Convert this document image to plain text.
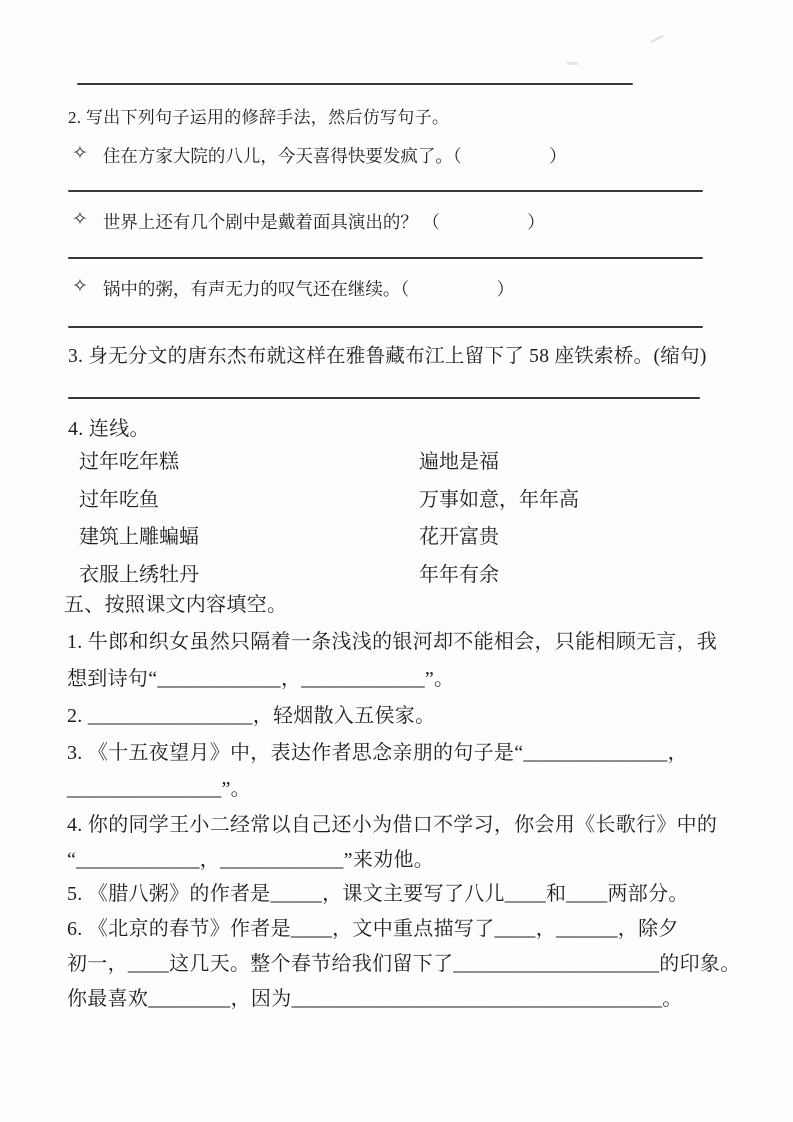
2. 写出下列句子运用的修辞手法，然后仿写句子。
✧ 住在方家大院的八儿，今天喜得快要发疯了。（　　　　　）
✧ 世界上还有几个剧中是戴着面具演出的？ （　　　　　）
✧ 锅中的粥，有声无力的叹气还在继续。（　　　　　）
3. 身无分文的唐东杰布就这样在雅鲁藏布江上留下了 58 座铁索桥。(缩句)
4. 连线。
过年吃年糕	遍地是福
过年吃鱼	万事如意，年年高
建筑上雕蝙蝠	花开富贵
衣服上绣牡丹	年年有余
五、按照课文内容填空。
1. 牛郎和织女虽然只隔着一条浅浅的银河却不能相会，只能相顾无言，我
想到诗句“____________，____________”。
2. ________________，轻烟散入五侯家。
3. 《十五夜望月》中，表达作者思念亲朋的句子是“______________，
_______________”。
4. 你的同学王小二经常以自己还小为借口不学习，你会用《长歌行》中的
“____________，____________”来劝他。
5. 《腊八粥》的作者是_____，课文主要写了八儿____和____两部分。
6. 《北京的春节》作者是____，文中重点描写了____，______，除夕
初一，____这几天。整个春节给我们留下了____________________的印象。
你最喜欢________，因为____________________________________。
